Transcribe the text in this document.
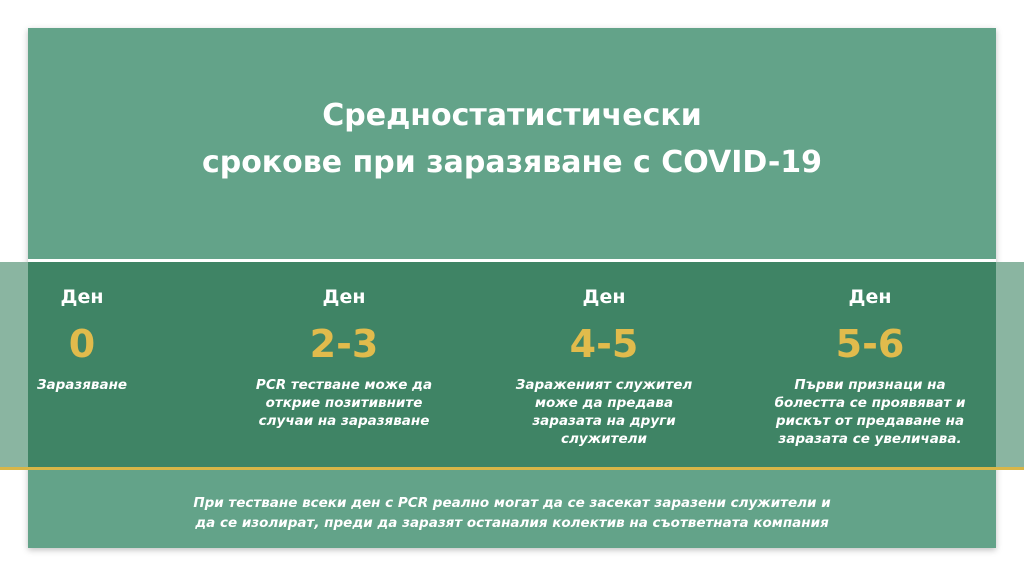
Средностатистически
срокове при заразяване с COVID-19
Ден
0
Заразяване
Ден
2-3
PCR тестване може да открие позитивните случаи на заразяване
Ден
4-5
Зараженият служител може да предава заразата на други служители
Ден
5-6
Първи признаци на болестта се проявяват и рискът от предаване на заразата се увеличава.
При тестване всеки ден с PCR реално могат да се засекат заразени служители и
да се изолират, преди да заразят останалия колектив на съответната компания
